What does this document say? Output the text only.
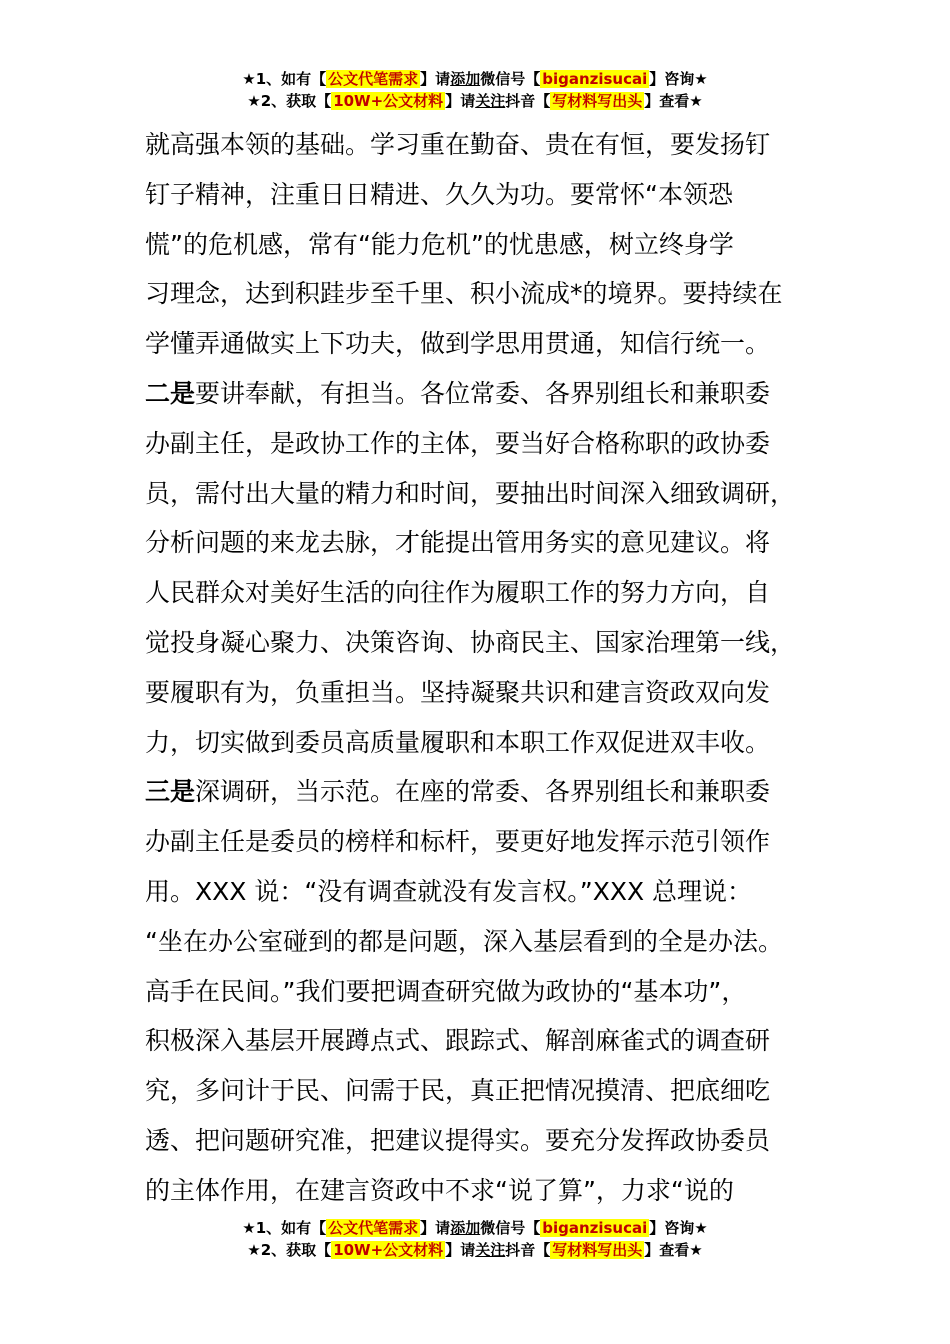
★1、如有【 公文代笔需求 】请添加微信号【 biganzisucai 】咨询★
★2、获取【 10W+公文材料 】请关注抖音【 写材料写出头 】查看★
就高强本领的基础。学习重在勤奋、贵在有恒，要发扬钉
钉子精神，注重日日精进、久久为功。要常怀“本领恐
慌”的危机感，常有“能力危机”的忧患感，树立终身学
习理念，达到积跬步至千里、积小流成*的境界。要持续在
学懂弄通做实上下功夫，做到学思用贯通，知信行统一。
二是要讲奉献，有担当。各位常委、各界别组长和兼职委
办副主任，是政协工作的主体，要当好合格称职的政协委
员，需付出大量的精力和时间，要抽出时间深入细致调研，
分析问题的来龙去脉，才能提出管用务实的意见建议。将
人民群众对美好生活的向往作为履职工作的努力方向，自
觉投身凝心聚力、决策咨询、协商民主、国家治理第一线，
要履职有为，负重担当。坚持凝聚共识和建言资政双向发
力，切实做到委员高质量履职和本职工作双促进双丰收。
三是深调研，当示范。在座的常委、各界别组长和兼职委
办副主任是委员的榜样和标杆，要更好地发挥示范引领作
用。XXX 说：“没有调查就没有发言权。”XXX 总理说：
“坐在办公室碰到的都是问题，深入基层看到的全是办法。
高手在民间。”我们要把调查研究做为政协的“基本功”，
积极深入基层开展蹲点式、跟踪式、解剖麻雀式的调查研
究，多问计于民、问需于民，真正把情况摸清、把底细吃
透、把问题研究准，把建议提得实。要充分发挥政协委员
的主体作用，在建言资政中不求“说了算”，力求“说的
★1、如有【 公文代笔需求 】请添加微信号【 biganzisucai 】咨询★
★2、获取【 10W+公文材料 】请关注抖音【 写材料写出头 】查看★
